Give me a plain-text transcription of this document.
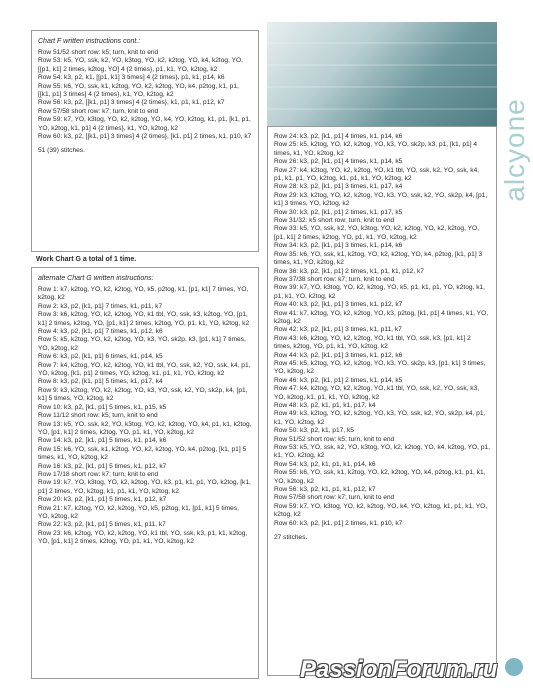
alcyone
Chart F written instructions cont.:
Row 51/52 short row: k5; turn, knit to end
Row 53: k5, YO, ssk, k2, YO, k3tog, YO, k2, k2tog, YO, k4, k2tog, YO, [[p1, k1] 2 times, k2tog, YO] 4 {2 times}, p1, k1, YO, k2tog, k2
Row 54: k3, p2, k1, [[p1, k1] 3 times] 4 {2 times}, p1, k1, p14, k6
Row 55: k6, YO, ssk, k1, k2tog, YO, k2, k2tog, YO, k4, p2tog, k1, p1, [[k1, p1] 3 times] 4 {2 times}, k1, YO, k2tog, k2
Row 56: k3, p2, [[k1, p1] 3 times] 4 {2 times}, k1, p1, k1, p12, k7
Row 57/58 short row: k7; turn, knit to end
Row 59: k7, YO, k3tog, YO, k2, k2tog, YO, k4, YO, k2tog, k1, p1, [k1, p1, YO, k2tog, k1, p1] 4 {2 times}, k1, YO, k2tog, k2
Row 60: k3, p2, [[k1, p1] 3 times] 4 {2 times}, [k1, p1] 2 times, k1, p10, k7
51 (39) stitches.
Work Chart G a total of 1 time.
alternate Chart G written instructions:
Row 1: k7, k2tog, YO, k2, k2tog, YO, k5, p2tog, k1, [p1, k1] 7 times, YO, k2tog, k2
Row 2: k3, p2, [k1, p1] 7 times, k1, p11, k7
Row 3: k6, k2tog, YO, k2, k2tog, YO, k1 tbl, YO, ssk, k3, k2tog, YO, [p1, k1] 2 times, k2tog, YO, [p1, k1] 2 times, k2tog, YO, p1, k1, YO, k2tog, k2
Row 4: k3, p2, [k1, p1] 7 times, k1, p12, k6
Row 5: k5, k2tog, YO, k2, k2tog, YO, k3, YO, sk2p, k3, [p1, k1] 7 times, YO, k2tog, k2
Row 6: k3, p2, [k1, p1] 6 times, k1, p14, k5
Row 7: k4, k2tog, YO, k2, k2tog, YO, k1 tbl, YO, ssk, k2, YO, ssk, k4, p1, YO, k2tog, [k1, p1] 2 times, YO, k2tog, k1, p1, k1, YO, k2tog, k2
Row 8: k3, p2, [k1, p1] 5 times, k1, p17, k4
Row 9: k3, k2tog, YO, k2, k2tog, YO, k3, YO, ssk, k2, YO, sk2p, k4, [p1, k1] 5 times, YO, k2tog, k2
Row 10: k3, p2, [k1, p1] 5 times, k1, p15, k5
Row 11/12 short row: k5; turn, knit to end
Row 13: k5, YO, ssk, k2, YO, k3tog, YO, k2, k2tog, YO, k4, p1, k1, k2tog, YO, [p1, k1] 2 times, k2tog, YO, p1, k1, YO, k2tog, k2
Row 14: k3, p2, [k1, p1] 5 times, k1, p14, k6
Row 15: k6, YO, ssk, k1, k2tog, YO, k2, k2tog, YO, k4, p2tog, [k1, p1] 5 times, k1, YO, k2tog, k2
Row 16: k3, p2, [k1, p1] 5 times, k1, p12, k7
Row 17/18 short row: k7; turn, knit to end
Row 19: k7, YO, k3tog, YO, k2, k2tog, YO, k3, p1, k1, p1, YO, k2tog, [k1, p1] 2 times, YO, k2tog, k1, p1, k1, YO, k2tog, k2
Row 20: k3, p2, [k1, p1] 5 times, k1, p12, k7
Row 21: k7, k2tog, YO, k2, k2tog, YO, k5, p2tog, k1, [p1, k1] 5 times, YO, k2tog, k2
Row 22: k3, p2, [k1, p1] 5 times, k1, p11, k7
Row 23: k6, k2tog, YO, k2, k2tog, YO, k1 tbl, YO, ssk, k3, p1, k1, k2tog, YO, [p1, k1] 2 times, k2tog, YO, p1, k1, YO, k2tog, k2
Row 24: k3, p2, [k1, p1] 4 times, k1, p14, k6
Row 25: k5, k2tog, YO, k2, k2tog, YO, k3, YO, sk2p, k3, p1, [k1, p1] 4 times, k1, YO, k2tog, k2
Row 26: k3, p2, [k1, p1] 4 times, k1, p14, k5
Row 27: k4, k2tog, YO, k2, k2tog, YO, k1 tbl, YO, ssk, k2, YO, ssk, k4, p1, k1, p1, YO, k2tog, k1, p1, k1, YO, k2tog, k2
Row 28: k3, p2, [k1, p1] 3 times, k1, p17, k4
Row 29: k3, k2tog, YO, k2, k2tog, YO, k3, YO, ssk, k2, YO, sk2p, k4, [p1, k1] 3 times, YO, k2tog, k2
Row 30: k3, p2, [k1, p1] 2 times, k1, p17, k5
Row 31/32: k5 short row; turn, knit to end
Row 33: k5, YO, ssk, k2, YO, k3tog, YO, k2, k2tog, YO, k2, k2tog, YO, [p1, k1] 2 times, k2tog, YO, p1, k1, YO, k2tog, k2
Row 34: k3, p2, [k1, p1] 3 times, k1, p14, k6
Row 35: k6, YO, ssk, k1, k2tog, YO, k2, k2tog, YO, k4, p2tog, [k1, p1] 3 times, k1, YO, k2tog, k2
Row 36: k3, p2, [k1, p1] 2 times, k1, p1, k1, p12, k7
Row 37/38 short row: k7; turn, knit to end
Row 39: k7, YO, k3tog, YO, k2, k2tog, YO, k5, p1, k1, p1, YO, k2tog, k1, p1, k1, YO, k2tog, k2
Row 40: k3, p2, [k1, p1] 3 times, k1, p12, k7
Row 41: k7, k2tog, YO, k2, k2tog, YO, k3, p2tog, [k1, p1] 4 times, k1, YO, k2tog, k2
Row 42: k3, p2, [k1, p1] 3 times, k1, p11, k7
Row 43: k6, k2tog, YO, k2, k2tog, YO, k1 tbl, YO, ssk, k3, [p1, k1] 2 times, k2tog, YO, p1, k1, YO, k2tog, k2
Row 44: k3, p2, [k1, p1] 3 times, k1, p12, k6
Row 45: k5, k2tog, YO, k2, k2tog, YO, k3, YO, sk2p, k3, [p1, k1] 3 times, YO, k2tog, k2
Row 46: k3, p2, [k1, p1] 2 times, k1, p14, k5
Row 47: k4, k2tog, YO, k2, k2tog, YO, k1 tbl, YO, ssk, k2, YO, ssk, k3, YO, k2tog, k1, p1, k1, YO, k2tog, k2
Row 48: k3, p2, k1, p1, k1, p17, k4
Row 49: k3, k2tog, YO, k2, k2tog, YO, k3, YO, ssk, k2, YO, sk2p, k4, p1, k1, YO, k2tog, k2
Row 50: k3, p2, k1, p17, k5
Row 51/52 short row: k5; turn, knit to end
Row 53: k5, YO, ssk, k2, YO, k3tog, YO, k2, k2tog, YO, k4, k2tog, YO, p1, k1, YO, k2tog, k2
Row 54: k3, p2, k1, p1, k1, p14, k6
Row 55: k6, YO, ssk, k1, k2tog, YO, k2, k2tog, YO, k4, p2tog, k1, p1, k1, YO, k2tog, k2
Row 56: k3, p2, k1, p1, k1, p12, k7
Row 57/58 short row: k7; turn, knit to end
Row 59: k7, YO, k3tog, YO, k2, k2tog, YO, k4, YO, k2tog, k1, p1, k1, YO, k2tog, k2
Row 60: k3, p2, [k1, p1] 2 times, k1, p10, k7
27 stitches.
PassionForum.ru
